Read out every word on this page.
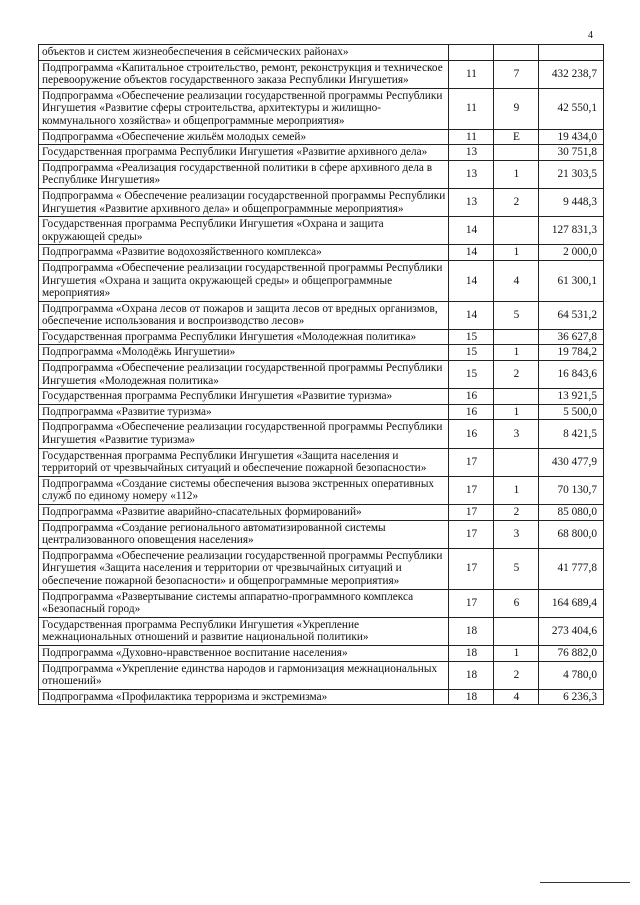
4
объектов и систем жизнеобеспечения в сейсмических районах»			
Подпрограмма «Капитальное строительство, ремонт, реконструкция и техническое перевооружение объектов государственного заказа Республики Ингушетия»	11	7	432 238,7
Подпрограмма «Обеспечение реализации государственной программы Республики Ингушетия «Развитие сферы строительства, архитектуры и жилищно-коммунального хозяйства» и общепрограммные мероприятия»	11	9	42 550,1
Подпрограмма «Обеспечение жильём молодых семей»	11	Е	19 434,0
Государственная программа Республики Ингушетия «Развитие архивного дела»	13		30 751,8
Подпрограмма «Реализация государственной политики в сфере архивного дела в Республике Ингушетия»	13	1	21 303,5
Подпрограмма « Обеспечение реализации государственной программы Республики Ингушетия «Развитие архивного дела» и общепрограммные мероприятия»	13	2	9 448,3
Государственная программа Республики Ингушетия «Охрана и защита окружающей среды»	14		127 831,3
Подпрограмма «Развитие водохозяйственного комплекса»	14	1	2 000,0
Подпрограмма «Обеспечение реализации государственной программы Республики Ингушетия «Охрана и защита окружающей среды» и общепрограммные мероприятия»	14	4	61 300,1
Подпрограмма «Охрана лесов от пожаров и защита лесов от вредных организмов, обеспечение использования и воспроизводство лесов»	14	5	64 531,2
Государственная программа Республики Ингушетия «Молодежная политика»	15		36 627,8
Подпрограмма «Молодёжь Ингушетии»	15	1	19 784,2
Подпрограмма «Обеспечение реализации государственной программы Республики Ингушетия «Молодежная политика»	15	2	16 843,6
Государственная программа Республики Ингушетия «Развитие туризма»	16		13 921,5
Подпрограмма «Развитие туризма»	16	1	5 500,0
Подпрограмма «Обеспечение реализации государственной программы Республики Ингушетия «Развитие туризма»	16	3	8 421,5
Государственная программа Республики Ингушетия «Защита населения и территорий от чрезвычайных ситуаций и обеспечение пожарной безопасности»	17		430 477,9
Подпрограмма «Создание системы обеспечения вызова экстренных оперативных служб по единому номеру «112»	17	1	70 130,7
Подпрограмма «Развитие аварийно-спасательных формирований»	17	2	85 080,0
Подпрограмма «Создание регионального автоматизированной системы централизованного оповещения населения»	17	3	68 800,0
Подпрограмма «Обеспечение реализации государственной программы Республики Ингушетия «Защита населения и территории от чрезвычайных ситуаций и обеспечение пожарной безопасности» и общепрограммные мероприятия»	17	5	41 777,8
Подпрограмма «Развертывание системы аппаратно-программного комплекса «Безопасный город»	17	6	164 689,4
Государственная программа Республики Ингушетия «Укрепление межнациональных отношений и развитие национальной политики»	18		273 404,6
Подпрограмма «Духовно-нравственное воспитание населения»	18	1	76 882,0
Подпрограмма «Укрепление единства народов и гармонизация межнациональных отношений»	18	2	4 780,0
Подпрограмма «Профилактика терроризма и экстремизма»	18	4	6 236,3
